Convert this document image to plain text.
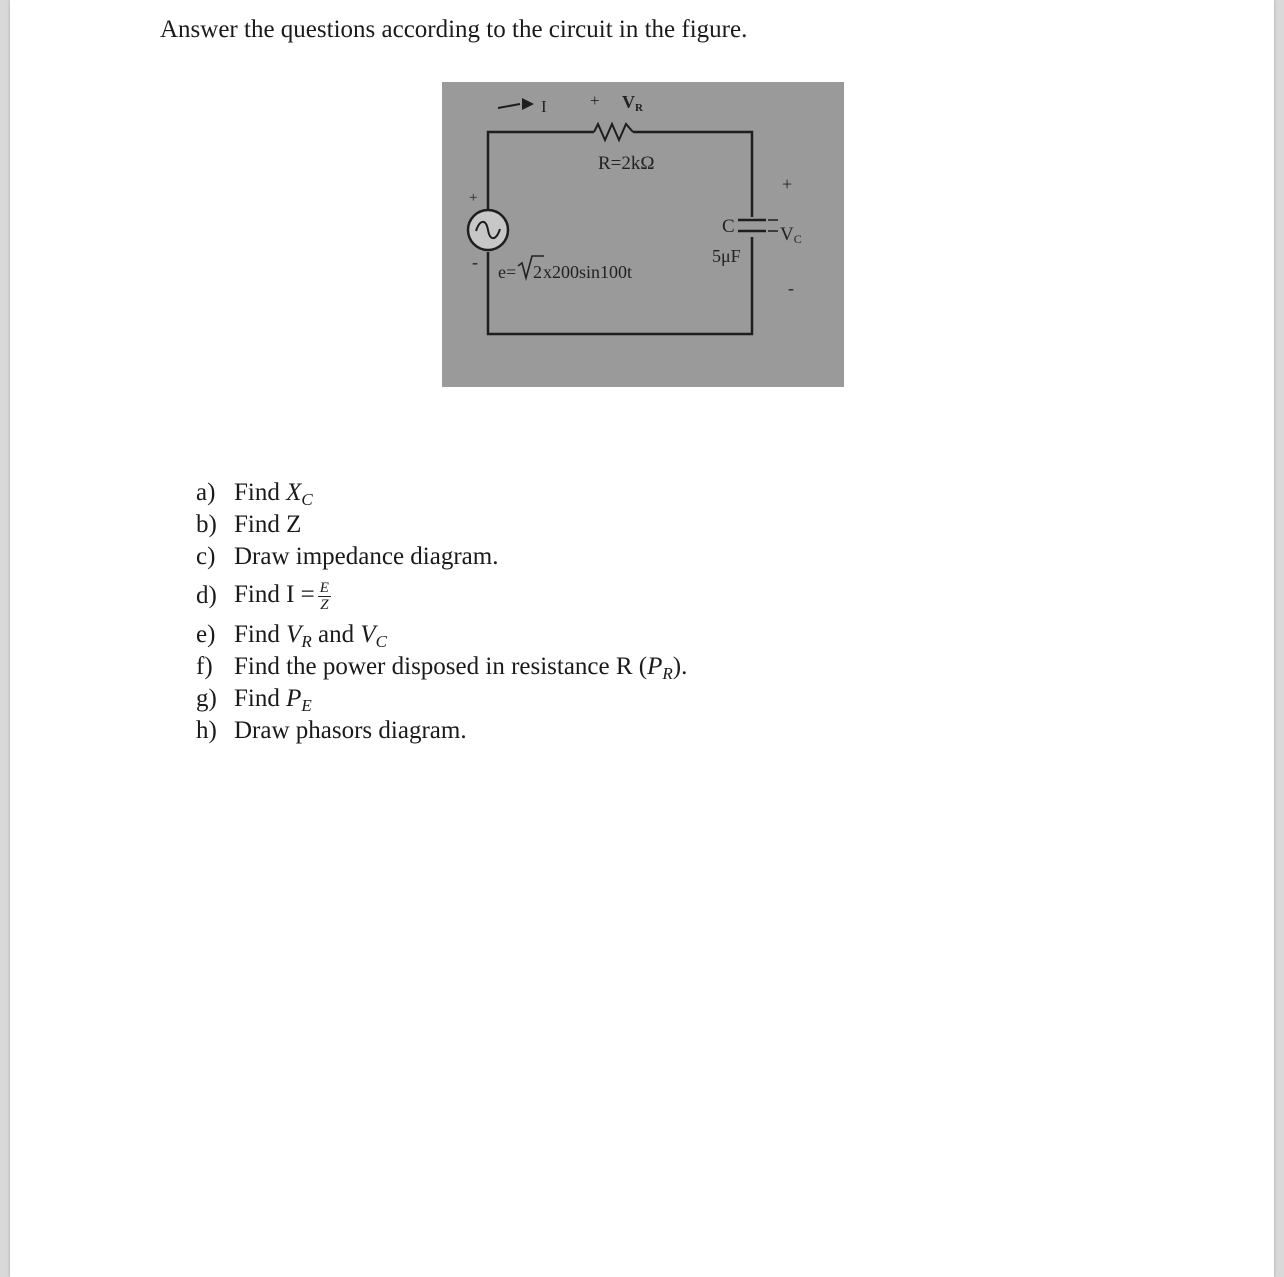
Answer the questions according to the circuit in the figure.
I	+ VR
R=2kΩ
C
5μF
VC
+
-
+
- e= 2 x200sin100t
a) Find $X_C$
b) Find Z
c) Draw impedance diagram.
d) Find $I = \frac{E}{Z}$
e) Find $V_R$ and $V_C$
f) Find the power disposed in resistance R $(P_R)$.
g) Find $P_E$
h) Draw phasors diagram.
